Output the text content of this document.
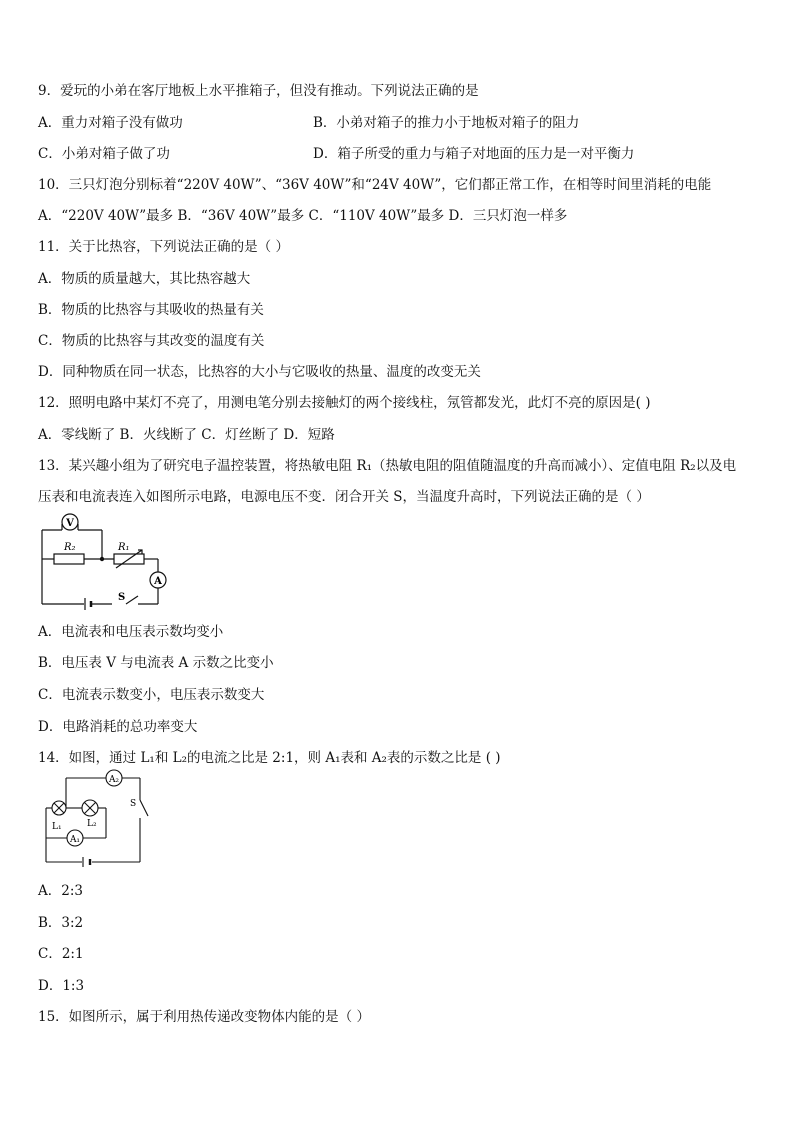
9．爱玩的小弟在客厅地板上水平推箱子，但没有推动。下列说法正确的是
A．重力对箱子没有做功	B．小弟对箱子的推力小于地板对箱子的阻力
C．小弟对箱子做了功	D．箱子所受的重力与箱子对地面的压力是一对平衡力
10．三只灯泡分别标着“220V 40W”、“36V 40W”和“24V 40W”，它们都正常工作，在相等时间里消耗的电能
A．“220V 40W”最多 B．“36V 40W”最多 C．“110V 40W”最多 D．三只灯泡一样多
11．关于比热容，下列说法正确的是（ ）
A．物质的质量越大，其比热容越大
B．物质的比热容与其吸收的热量有关
C．物质的比热容与其改变的温度有关
D．同种物质在同一状态，比热容的大小与它吸收的热量、温度的改变无关
12．照明电路中某灯不亮了，用测电笔分别去接触灯的两个接线柱，氖管都发光，此灯不亮的原因是( )
A．零线断了 B．火线断了 C．灯丝断了 D．短路
13．某兴趣小组为了研究电子温控装置，将热敏电阻 R₁（热敏电阻的阻值随温度的升高而减小）、定值电阻 R₂以及电
压表和电流表连入如图所示电路，电源电压不变．闭合开关 S，当温度升高时，下列说法正确的是（ ）
V
R₂	R₁
A
S
A．电流表和电压表示数均变小
B．电压表 V 与电流表 A 示数之比变小
C．电流表示数变小，电压表示数变大
D．电路消耗的总功率变大
14．如图，通过 L₁和 L₂的电流之比是 2:1，则 A₁表和 A₂表的示数之比是 ( )
A₂
S
L₁	L₂
A₁
A．2:3
B．3:2
C．2:1
D．1:3
15．如图所示，属于利用热传递改变物体内能的是（ ）
